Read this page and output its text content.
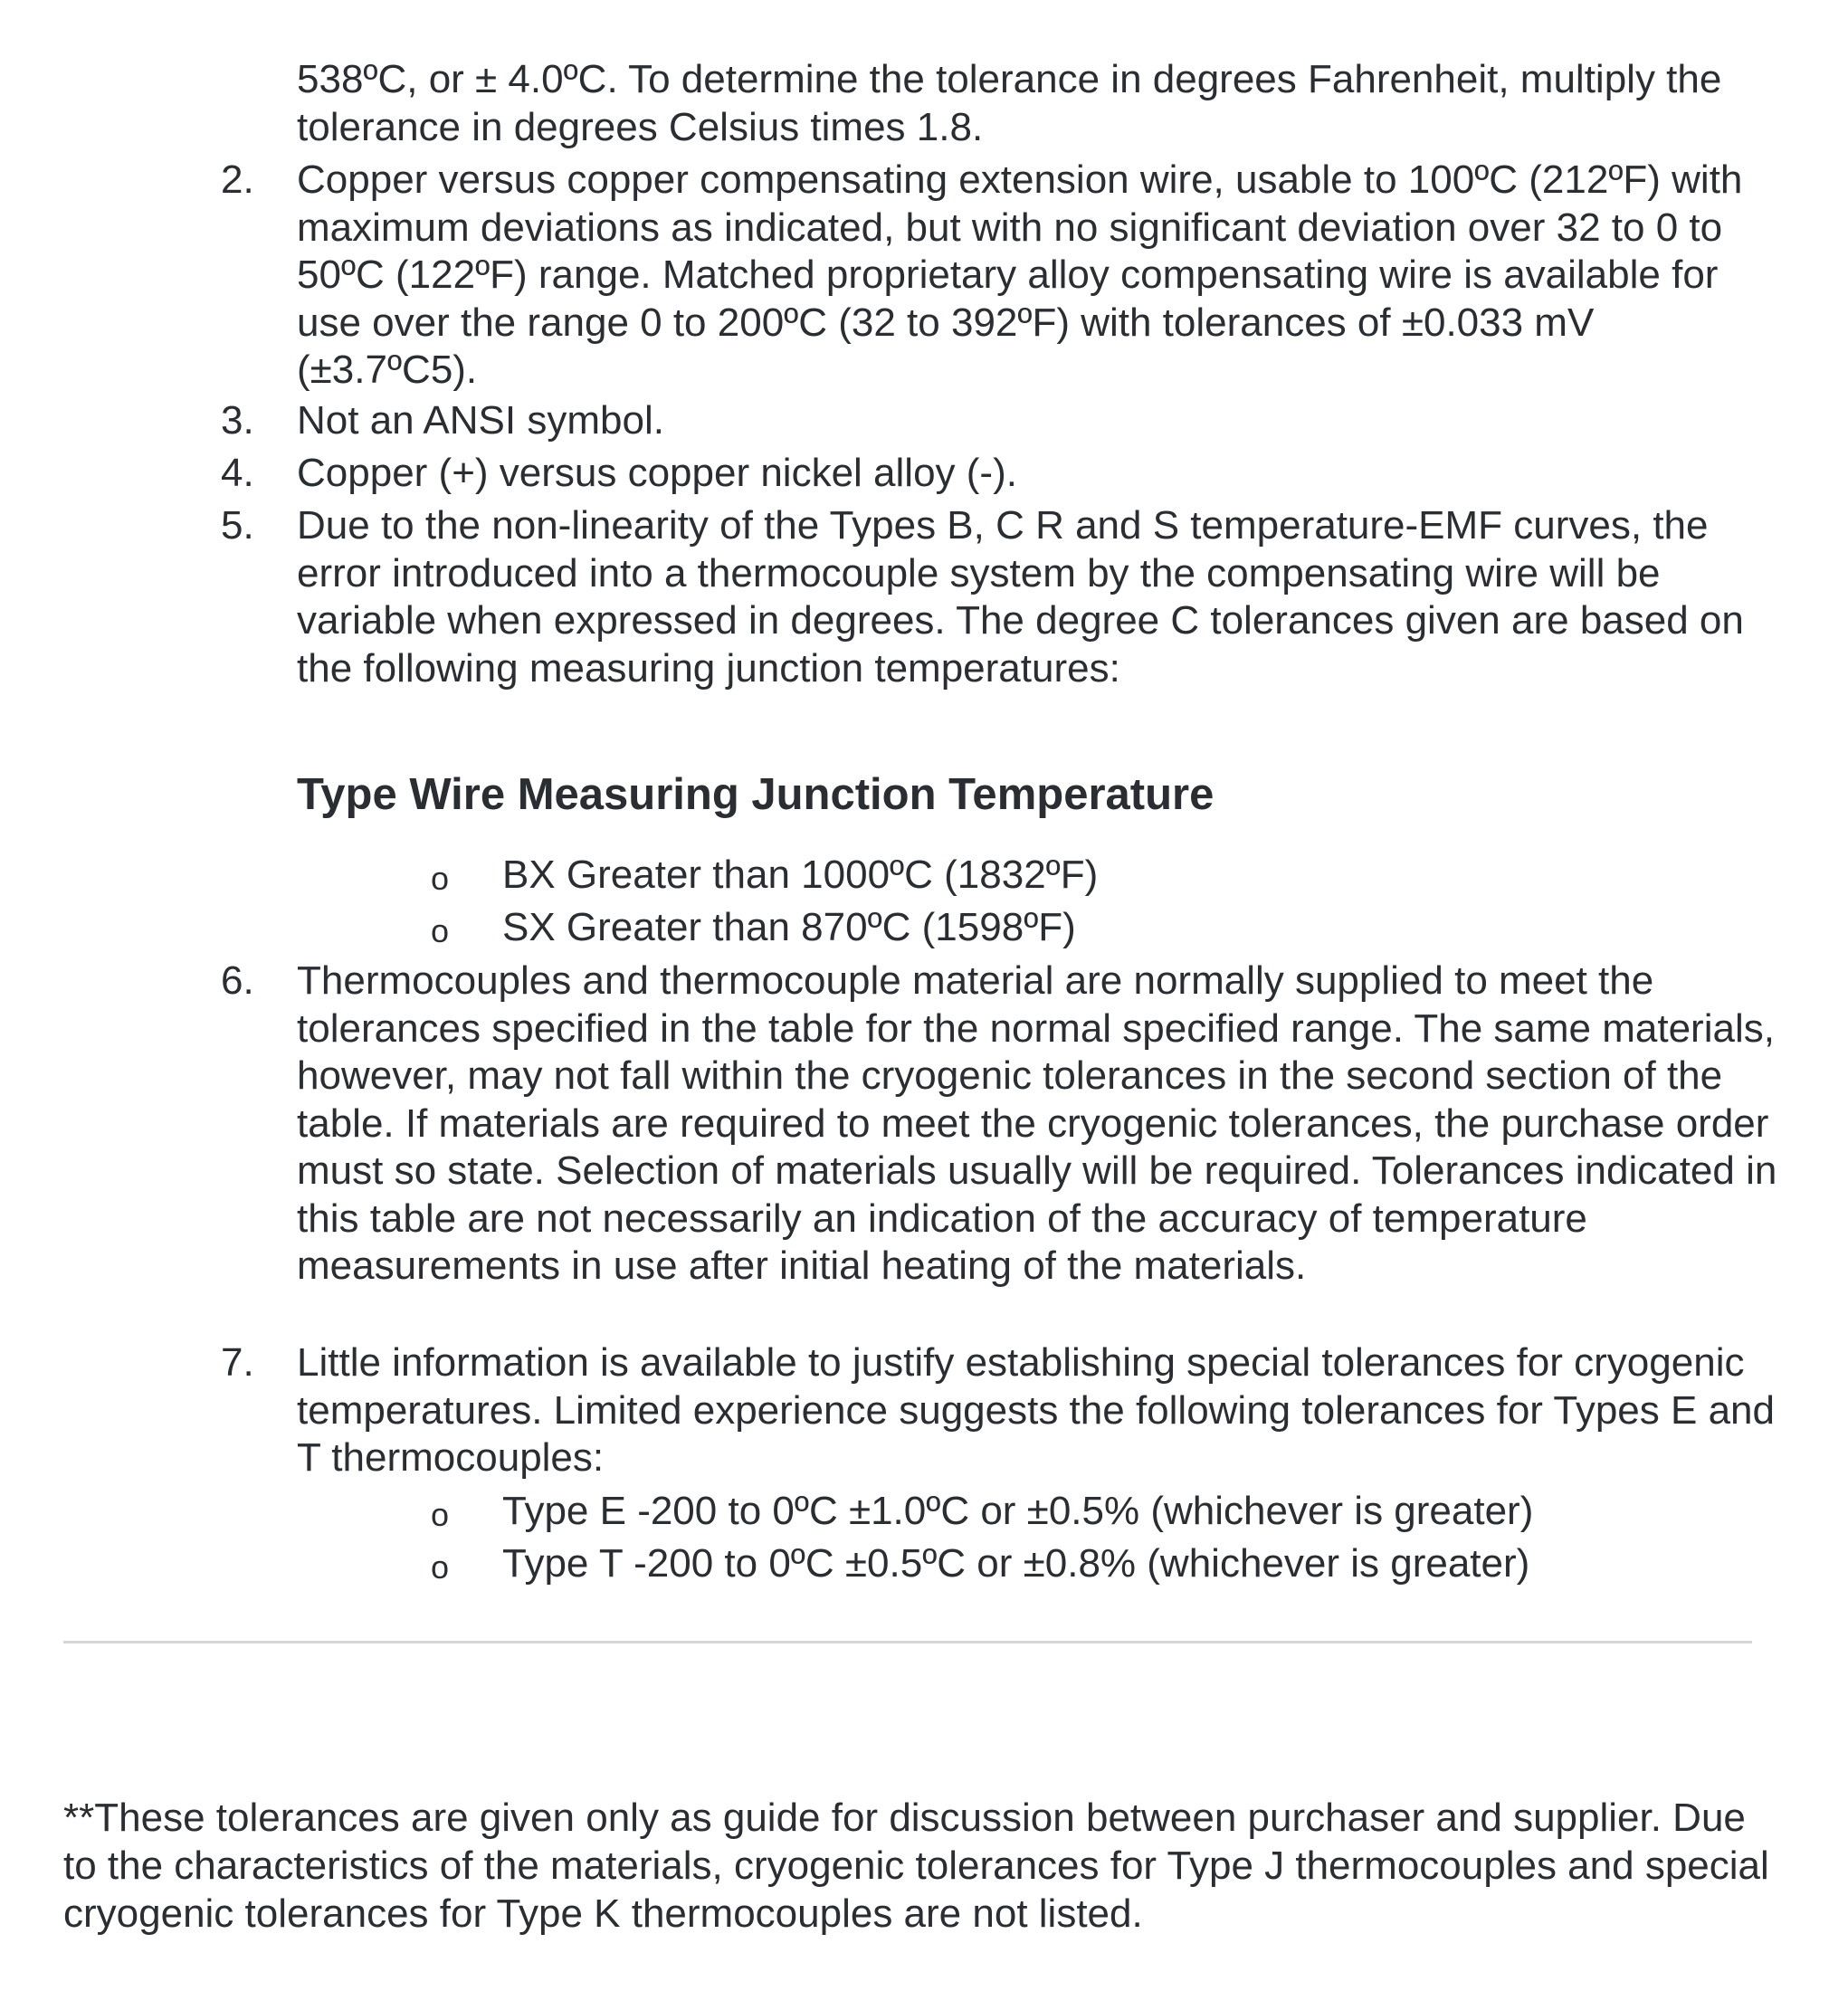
538ºC, or ± 4.0ºC. To determine the tolerance in degrees Fahrenheit, multiply the tolerance in degrees Celsius times 1.8.
2.	Copper versus copper compensating extension wire, usable to 100ºC (212ºF) with maximum deviations as indicated, but with no significant deviation over 32 to 0 to 50ºC (122ºF) range. Matched proprietary alloy compensating wire is available for use over the range 0 to 200ºC (32 to 392ºF) with tolerances of ±0.033 mV (±3.7ºC5).
3.	Not an ANSI symbol.
4.	Copper (+) versus copper nickel alloy (-).
5.	Due to the non-linearity of the Types B, C R and S temperature-EMF curves, the error introduced into a thermocouple system by the compensating wire will be variable when expressed in degrees. The degree C tolerances given are based on the following measuring junction temperatures:
Type Wire Measuring Junction Temperature
o BX Greater than 1000ºC (1832ºF)
o SX Greater than 870ºC (1598ºF)
6.	Thermocouples and thermocouple material are normally supplied to meet the tolerances specified in the table for the normal specified range. The same materials, however, may not fall within the cryogenic tolerances in the second section of the table. If materials are required to meet the cryogenic tolerances, the purchase order must so state. Selection of materials usually will be required. Tolerances indicated in this table are not necessarily an indication of the accuracy of temperature measurements in use after initial heating of the materials.
7.	Little information is available to justify establishing special tolerances for cryogenic temperatures. Limited experience suggests the following tolerances for Types E and T thermocouples:
o Type E -200 to 0ºC ±1.0ºC or ±0.5% (whichever is greater)
o Type T -200 to 0ºC ±0.5ºC or ±0.8% (whichever is greater)
**These tolerances are given only as guide for discussion between purchaser and supplier. Due to the characteristics of the materials, cryogenic tolerances for Type J thermocouples and special cryogenic tolerances for Type K thermocouples are not listed.
